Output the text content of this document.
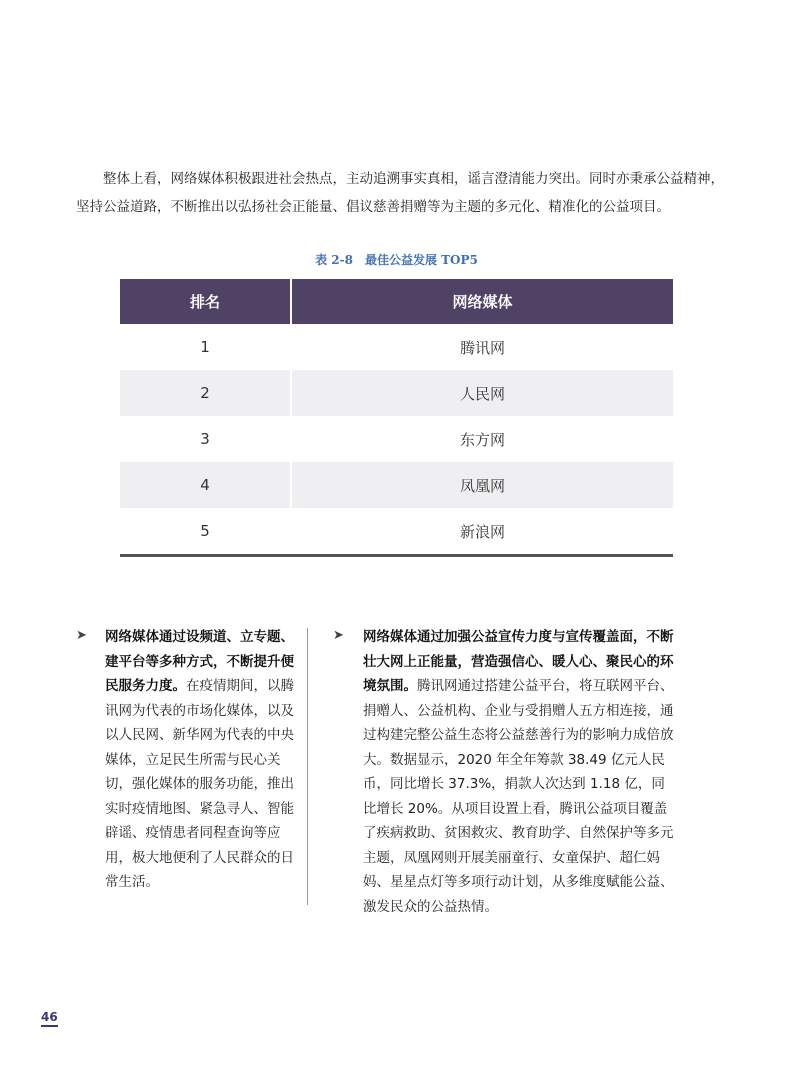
整体上看，网络媒体积极跟进社会热点，主动追溯事实真相，谣言澄清能力突出。同时亦秉承公益精神，坚持公益道路，不断推出以弘扬社会正能量、倡议慈善捐赠等为主题的多元化、精准化的公益项目。

表 2-8　最佳公益发展 TOP5
排名	网络媒体
1	腾讯网
2	人民网
3	东方网
4	凤凰网
5	新浪网
➤ 网络媒体通过设频道、立专题、建平台等多种方式，不断提升便民服务力度。在疫情期间，以腾讯网为代表的市场化媒体，以及以人民网、新华网为代表的中央媒体，立足民生所需与民心关切，强化媒体的服务功能，推出实时疫情地图、紧急寻人、智能辟谣、疫情患者同程查询等应用，极大地便利了人民群众的日常生活。

➤ 网络媒体通过加强公益宣传力度与宣传覆盖面，不断壮大网上正能量，营造强信心、暖人心、聚民心的环境氛围。腾讯网通过搭建公益平台，将互联网平台、捐赠人、公益机构、企业与受捐赠人五方相连接，通过构建完整公益生态将公益慈善行为的影响力成倍放大。数据显示，2020 年全年筹款 38.49 亿元人民币，同比增长 37.3%，捐款人次达到 1.18 亿，同比增长 20%。从项目设置上看，腾讯公益项目覆盖了疾病救助、贫困救灾、教育助学、自然保护等多元主题，凤凰网则开展美丽童行、女童保护、超仁妈妈、星星点灯等多项行动计划，从多维度赋能公益、激发民众的公益热情。

46
